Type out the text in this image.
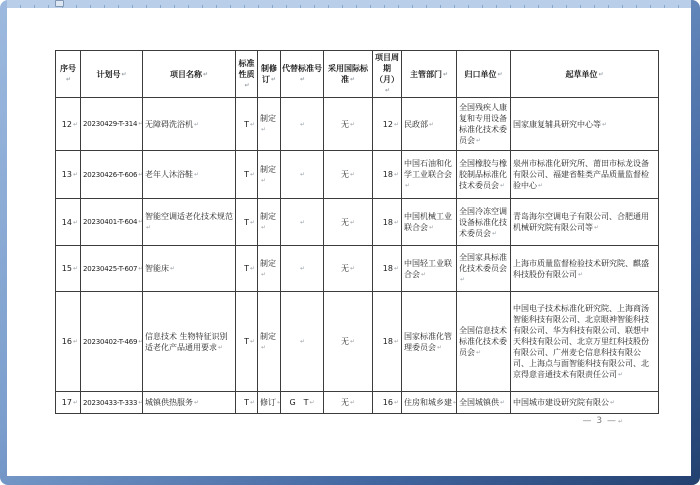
序号 ↵	计划号 ↵	项目名称 ↵	标准性质 ↵	制修订 ↵	代替标准号 ↵	采用国际标准 ↵	项目周期（月） ↵	主管部门 ↵	归口单位 ↵	起草单位 ↵
12 ↵	20230429-T-314 ↵	无障碍洗浴机 ↵	T ↵	制定 ↵	↵	无 ↵	12 ↵	民政部 ↵	全国残疾人康复和专用设备标准化技术委员会 ↵	国家康复辅具研究中心等 ↵
13 ↵	20230426-T-606 ↵	老年人沐浴鞋 ↵	T ↵	制定 ↵	↵	无 ↵	18 ↵	中国石油和化学工业联合会 ↵	全国橡胶与橡胶制品标准化技术委员会 ↵	泉州市标准化研究所、莆田市标龙设备有限公司、福建省鞋类产品质量监督检验中心 ↵
14 ↵	20230401-T-604 ↵	智能空调适老化技术规范 ↵	T ↵	制定 ↵	↵	无 ↵	18 ↵	中国机械工业联合会 ↵	全国冷冻空调设备标准化技术委员会 ↵	青岛海尔空调电子有限公司、合肥通用机械研究院有限公司等 ↵
15 ↵	20230425-T-607 ↵	智能床 ↵	T ↵	制定 ↵	↵	无 ↵	18 ↵	中国轻工业联合会 ↵	全国家具标准化技术委员会 ↵	上海市质量监督检验技术研究院、麒盛科技股份有限公司 ↵
16 ↵	20230402-T-469 ↵	信息技术 生物特征识别适老化产品通用要求 ↵	T ↵	制定 ↵	↵	无 ↵	18 ↵	国家标准化管理委员会 ↵	全国信息技术标准化技术委员会 ↵	中国电子技术标准化研究院、上海商汤智能科技有限公司、北京眼神智能科技有限公司、华为科技有限公司、联想中天科技有限公司、北京万里红科技股份有限公司、广州麦仑信息科技有限公司、上海点与面智能科技有限公司、北京得意音通技术有限责任公司 ↵
17 ↵	20230433-T-333 ↵	城镇供热服务 ↵	T ↵	修订 ↵	G　T ↵	无 ↵	16 ↵	住房和城乡建 ↵	全国城镇供 ↵	中国城市建设研究院有限公 ↵
— 3 — ↵
